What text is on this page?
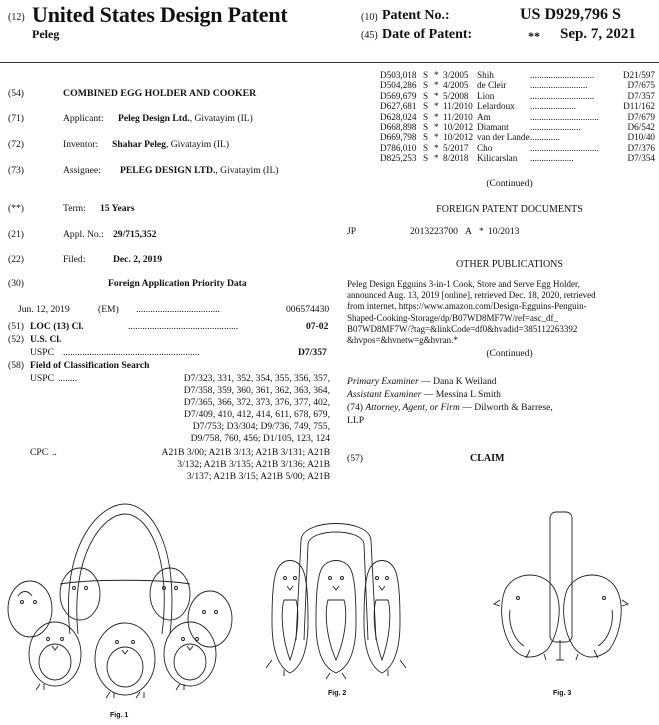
(12) United States Design Patent
Peleg
(10) Patent No.:	US D929,796 S
(45) Date of Patent:	** Sep. 7, 2021
(54)	COMBINED EGG HOLDER AND COOKER
(71)	Applicant: Peleg Design Ltd., Givatayim (IL)
(72)	Inventor: Shahar Peleg, Givatayim (IL)
(73)	Assignee: PELEG DESIGN LTD., Givatayim (IL)
(**)	Term: 15 Years
(21)	Appl. No.: 29/715,352
(22)	Filed:	Dec. 2, 2019
(30)	Foreign Application Priority Data
Jun. 12, 2019	(EM) ...................................	006574430
(51) LOC (13) Cl.	..............................................	07-02
(52) U.S. Cl.
USPC .........................................................	D7/357
(58) Field of Classification Search
USPC ........	D7/323, 331, 352, 354, 355, 356, 357,
D7/358, 359, 360, 361, 362, 363, 364,
D7/365, 366, 372, 373, 376, 377, 402,
D7/409, 410, 412, 414, 611, 678, 679,
D7/753; D3/304; D9/736, 749, 755,
D9/758, 760, 456; D1/105, 123, 124
CPC ..	A21B 3/00; A21B 3/13; A21B 3/131; A21B
3/132; A21B 3/135; A21B 3/136; A21B
3/137; A21B 3/15; A21B 5/00; A21B
D503,018 S * 3/2005 Shih	............................	D21/597
D504,286 S * 4/2005 de Cleir	.........................	D7/675
D569,679 S * 5/2008 Lion	............................	D7/357
D627,681 S * 11/2010 Lelardoux ....................	D11/162
D628,024 S * 11/2010 Am	..............................	D7/679
D668,898 S * 10/2012 Diamant ......................	D6/542
D669,798 S * 10/2012 van der Lande .............	D10/40
D786,010 S * 5/2017 Cho	..............................	D7/376
D825,253 S * 8/2018 Kilicarslan ...................	D7/354
(Continued)
FOREIGN PATENT DOCUMENTS
JP	2013223700 A * 10/2013
OTHER PUBLICATIONS
Peleg Design Egguins 3-in-1 Cook, Store and Serve Egg Holder,
announced Aug. 13, 2019 [online], retrieved Dec. 18, 2020, retrieved
from internet, https://www.amazon.com/Design-Egguins-Penguin-
Shaped-Cooking-Storage/dp/B07WD8MF7W/ref=asc_df_
B07WD8MF7W/?tag=&linkCode=df0&hvadid=385112263392
&hvpos=&hvnetw=g&hvran.*
(Continued)
Primary Examiner — Dana K Weiland
Assistant Examiner — Messina L Smith
(74) Attorney, Agent, or Firm — Dilworth & Barrese,
LLP
(57)	CLAIM
Fig. 1
Fig. 2	Fig. 3
